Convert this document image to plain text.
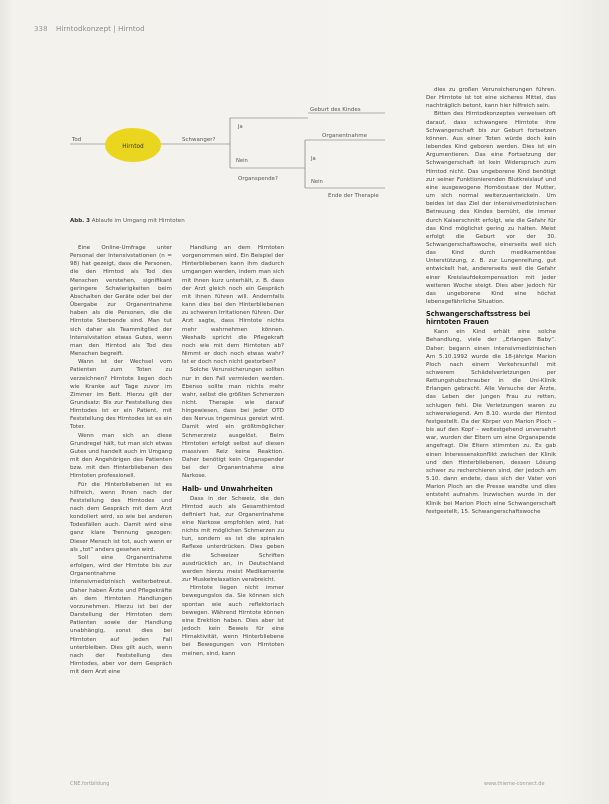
338 Hirntodkonzept | Hirntod
Tod
Hirntod
Schwanger?
Ja
Nein
Geburt des Kindes
Organspende?
Ja
Nein
Organentnahme
Ende der Therapie
Abb. 3 Ablaufe im Umgang mit Hirntoten

Eine Online-Umfrage unter Personal der Intensivstationen (n = 98) hat gezeigt, dass die Personen, die den Hirntod als Tod des Menschen verstehen, signifikant geringere Schwierigkeiten beim Abschalten der Geräte oder bei der Übergabe zur Organentnahme haben als die Personen, die die Hirntote Sterbende sind. Man tut sich daher als Teammitglied der Intensivstation etwas Gutes, wenn man den Hirntod als Tod des Menschen begreift.

Wann ist der Wechsel vom Patienten zum Toten zu verzeichnen? Hirntote liegen doch wie Kranke auf Tage zuvor im Zimmer im Bett. Hierzu gilt der Grundsatz: Bis zur Feststellung des Hirntodes ist er ein Patient, mit Feststellung des Hirntodes ist es ein Toter.

Wenn man sich an diese Grundregel hält, tut man sich etwas Gutes und handelt auch im Umgang mit den Angehörigen des Patienten bzw. mit den Hinterbliebenen des Hirntoten professionell.

Für die Hinterbliebenen ist es hilfreich, wenn Ihnen nach der Feststellung des Hirntodes und nach dem Gespräch mit dem Arzt kondoliert wird, so wie bei anderen Todesfällen auch. Damit wird eine ganz klare Trennung gezogen: Dieser Mensch ist tot, auch wenn er als „tot“ anders gesehen wird.

Soll eine Organentnahme erfolgen, wird der Hirntote bis zur Organentnahme intensivmedizinisch weiterbetreut. Daher haben Ärzte und Pflegekräfte an dem Hirntoten Handlungen vorzunehmen. Hierzu ist bei der Darstellung der Hirntoten dem Patienten sowie der Handlung unabhängig, sonst dies bei Hirntoten auf jeden Fall unterbleiben. Dies gilt auch, wenn nach der Feststellung des Hirntodes, aber vor dem Gespräch mit dem Arzt eine

Handlung an dem Hirntoten vorgenommen wird. Ein Beispiel der Hinterbliebenen kann ihm dadurch umgangen werden, indem man sich mit ihnen kurz unterhält, z. B. dass der Arzt gleich noch ein Gespräch mit ihnen führen will. Andernfalls kann dies bei den Hinterbliebenen zu schweren Irritationen führen. Der Arzt sagte, dass Hirntote nichts mehr wahrnehmen können. Weshalb spricht die Pflegekraft noch wie mit dem Hirntoten ab? Nimmt er doch noch etwas wahr? Ist er doch noch nicht gestorben?

Solche Verunsicherungen sollten nur in den Fall vermieden werden. Ebenso sollte man nichts mehr wahr, selbst die größten Schmerzen nicht. Therapie wie darauf hingewiesen, dass bei jeder OTD des Nervus trigeminus gereizt wird. Damit wird ein größtmöglicher Schmerzreiz ausgelöst. Beim Hirntoten erfolgt selbst auf diesen massiven Reiz keine Reaktion. Daher benötigt kein Organspender bei der Organentnahme eine Narkose.

Halb- und Unwahrheiten

Dass in der Schweiz, die den Hirntod auch als Gesamthirntod definiert hat, zur Organentnahme eine Narkose empfohlen wird, hat nichts mit möglichen Schmerzen zu tun, sondern es ist die spinalen Reflexe unterdrücken. Dies geben die Schweizer Schriften ausdrücklich an, in Deutschland werden hierzu meist Medikamente zur Muskelrelaxation verabreicht.

Hirntote liegen nicht immer bewegungslos da. Sie können sich spontan wie auch reflektorisch bewegen. Während Hirntote können eine Erektion haben. Dies aber ist jedoch kein Beweis für eine Hirnaktivität, wenn Hinterbliebene bei Bewegungen von Hirntoten meinen, sind, kann

dies zu großen Verunsicherungen führen. Der Hirntote ist tot eine sicheres Mittel, das nachträglich betont, kann hier hilfreich sein.

Bitten des Hirntodkonzeptes verweisen oft darauf, dass schwangere Hirntote ihre Schwangerschaft bis zur Geburt fortsetzen können. Aus einer Toten würde doch kein lebendes Kind geboren werden. Dies ist ein Argumentieren. Das eine Fortsetzung der Schwangerschaft ist kein Widerspruch zum Hirntod nicht. Das ungeborene Kind benötigt zur seiner Funktionierenden Blutkreislauf und eine ausgewogene Homöostase der Mutter, um sich normal weiterzuentwickeln. Um beides ist das Ziel der intensivmedizinischen Betreuung des Kindes bemüht, die immer durch Kaiserschnitt erfolgt, wie die Gefahr für das Kind möglichst gering zu halten. Meist erfolgt die Geburt vor der 30. Schwangerschaftswoche, einerseits weil sich das Kind durch medikamentöse Unterstützung, z. B. zur Lungenreifung, gut entwickelt hat, andererseits weil die Gefahr einer Kreislaufdekompensation mit jeder weiteren Woche steigt. Dies aber jedoch für das ungeborene Kind eine höchst lebensgefährliche Situation.

Schwangerschaftsstress bei hirntoten Frauen

Kann ein Kind erhält eine solche Behandlung, viele der „Erlangen Baby“. Daher: begann einen intensivmedizinischen Am 5.10.1992 wurde die 18-jährige Marion Ploch nach einem Verkehrsunfall mit schwerem Schädelverletzungen per Rettungshubschrauber in die Uni-Klinik Erlangen gebracht. Alle Versuche der Ärzte, das Leben der jungen Frau zu retten, schlugen fehl. Die Verletzungen waren zu schwerwiegend. Am 8.10. wurde der Hirntod festgestellt. Da der Körper von Marion Ploch – bis auf den Kopf – weitestgehend unversehrt war, wurden der Eltern um eine Organspende angefragt. Die Eltern stimmten zu. Es gab einen Interessenskonflikt zwischen der Klinik und den Hinterbliebenen, dessen Lösung schwer zu recherchieren sind, der jedoch am 5.10. dann endete, dass sich der Vater von Marion Ploch an die Presse wandte und dies entsteht aufnahm. Inzwischen wurde in der Klinik bei Marion Ploch eine Schwangerschaft festgestellt, 15. Schwangerschaftswoche

CNE.fortbildung	www.thieme-connect.de
